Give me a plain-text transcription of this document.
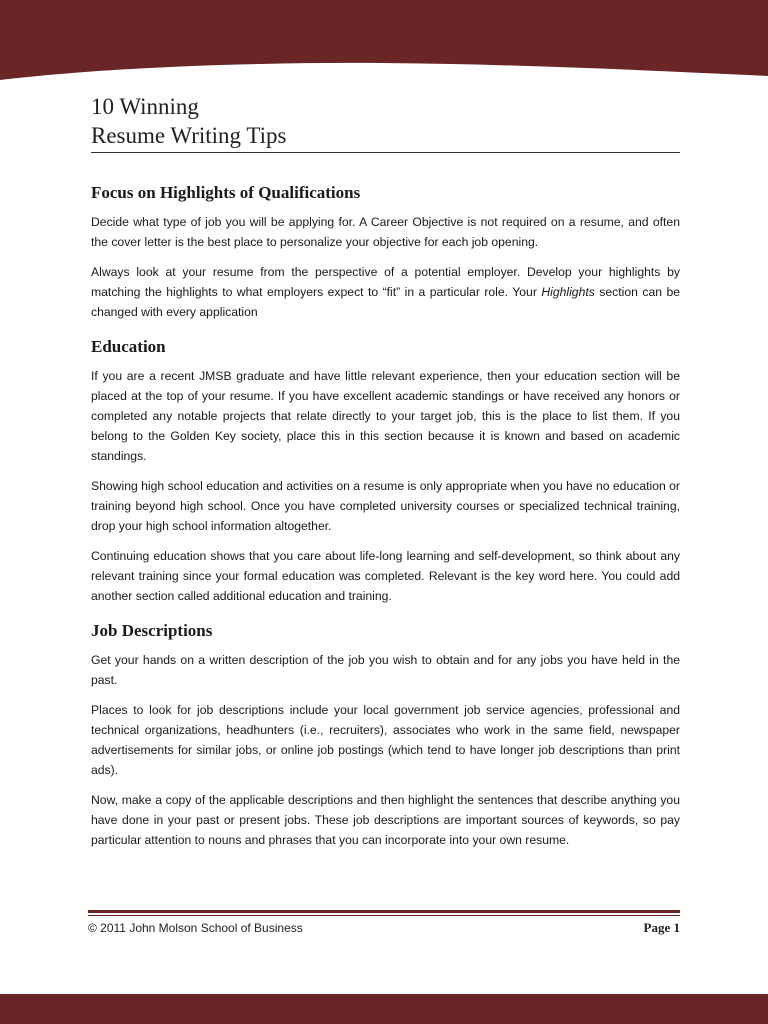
10 Winning
Resume Writing Tips
Focus on Highlights of Qualifications

Decide what type of job you will be applying for. A Career Objective is not required on a resume, and often the cover letter is the best place to personalize your objective for each job opening.

Always look at your resume from the perspective of a potential employer. Develop your highlights by matching the highlights to what employers expect to “fit” in a particular role. Your Highlights section can be changed with every application

Education

If you are a recent JMSB graduate and have little relevant experience, then your education section will be placed at the top of your resume. If you have excellent academic standings or have received any honors or completed any notable projects that relate directly to your target job, this is the place to list them. If you belong to the Golden Key society, place this in this section because it is known and based on academic standings.

Showing high school education and activities on a resume is only appropriate when you have no education or training beyond high school. Once you have completed university courses or specialized technical training, drop your high school information altogether.

Continuing education shows that you care about life-long learning and self-development, so think about any relevant training since your formal education was completed. Relevant is the key word here. You could add another section called additional education and training.

Job Descriptions

Get your hands on a written description of the job you wish to obtain and for any jobs you have held in the past.

Places to look for job descriptions include your local government job service agencies, professional and technical organizations, headhunters (i.e., recruiters), associates who work in the same field, newspaper advertisements for similar jobs, or online job postings (which tend to have longer job descriptions than print ads).

Now, make a copy of the applicable descriptions and then highlight the sentences that describe anything you have done in your past or present jobs. These job descriptions are important sources of keywords, so pay particular attention to nouns and phrases that you can incorporate into your own resume.

© 2011 John Molson School of Business	Page 1
